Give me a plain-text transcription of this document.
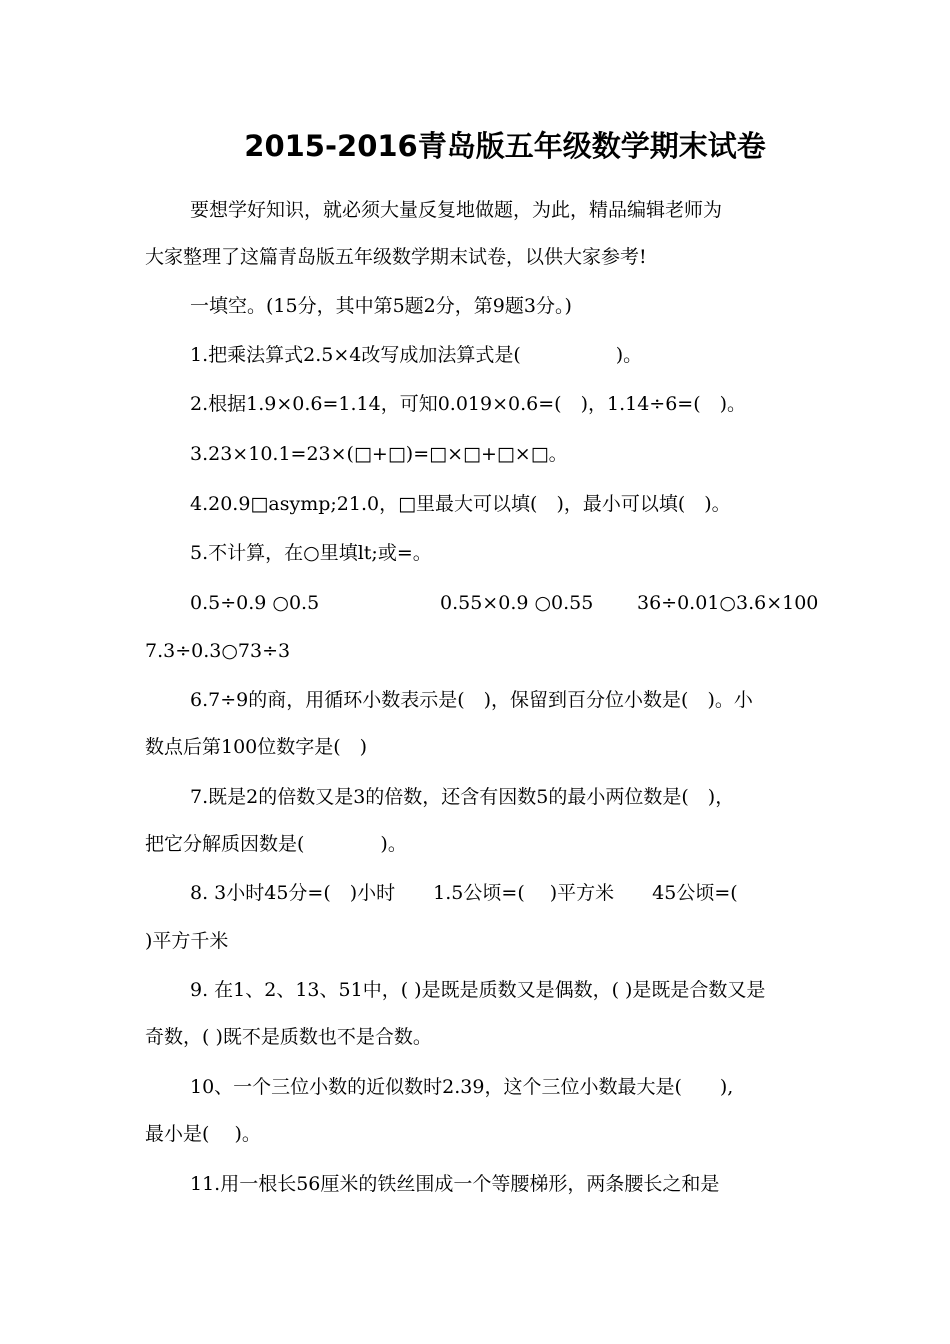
2015-2016青岛版五年级数学期末试卷
要想学好知识，就必须大量反复地做题，为此，精品编辑老师为
大家整理了这篇青岛版五年级数学期末试卷，以供大家参考!
一填空。(15分，其中第5题2分，第9题3分。)
1.把乘法算式2.5×4改写成加法算式是(　　　　　)。
2.根据1.9×0.6=1.14，可知0.019×0.6=(　)，1.14÷6=(　)。
3.23×10.1=23×(□+□)=□×□+□×□。
4.20.9□asymp;21.0，□里最大可以填(　)，最小可以填(　)。
5.不计算，在○里填lt;或=。
0.5÷0.9 ○0.5	0.55×0.9 ○0.55 36÷0.01○3.6×100
7.3÷0.3○73÷3
6.7÷9的商，用循环小数表示是(　)，保留到百分位小数是(　)。小
数点后第100位数字是(　)
7.既是2的倍数又是3的倍数，还含有因数5的最小两位数是(　)，
把它分解质因数是(　　　　)。
8. 3小时45分=(　)小时　　1.5公顷=(　 )平方米　　45公顷=(
)平方千米
9. 在1、2、13、51中，( )是既是质数又是偶数，( )是既是合数又是
奇数，( )既不是质数也不是合数。
10、一个三位小数的近似数时2.39，这个三位小数最大是(　　),
最小是(　 )。
11.用一根长56厘米的铁丝围成一个等腰梯形，两条腰长之和是
